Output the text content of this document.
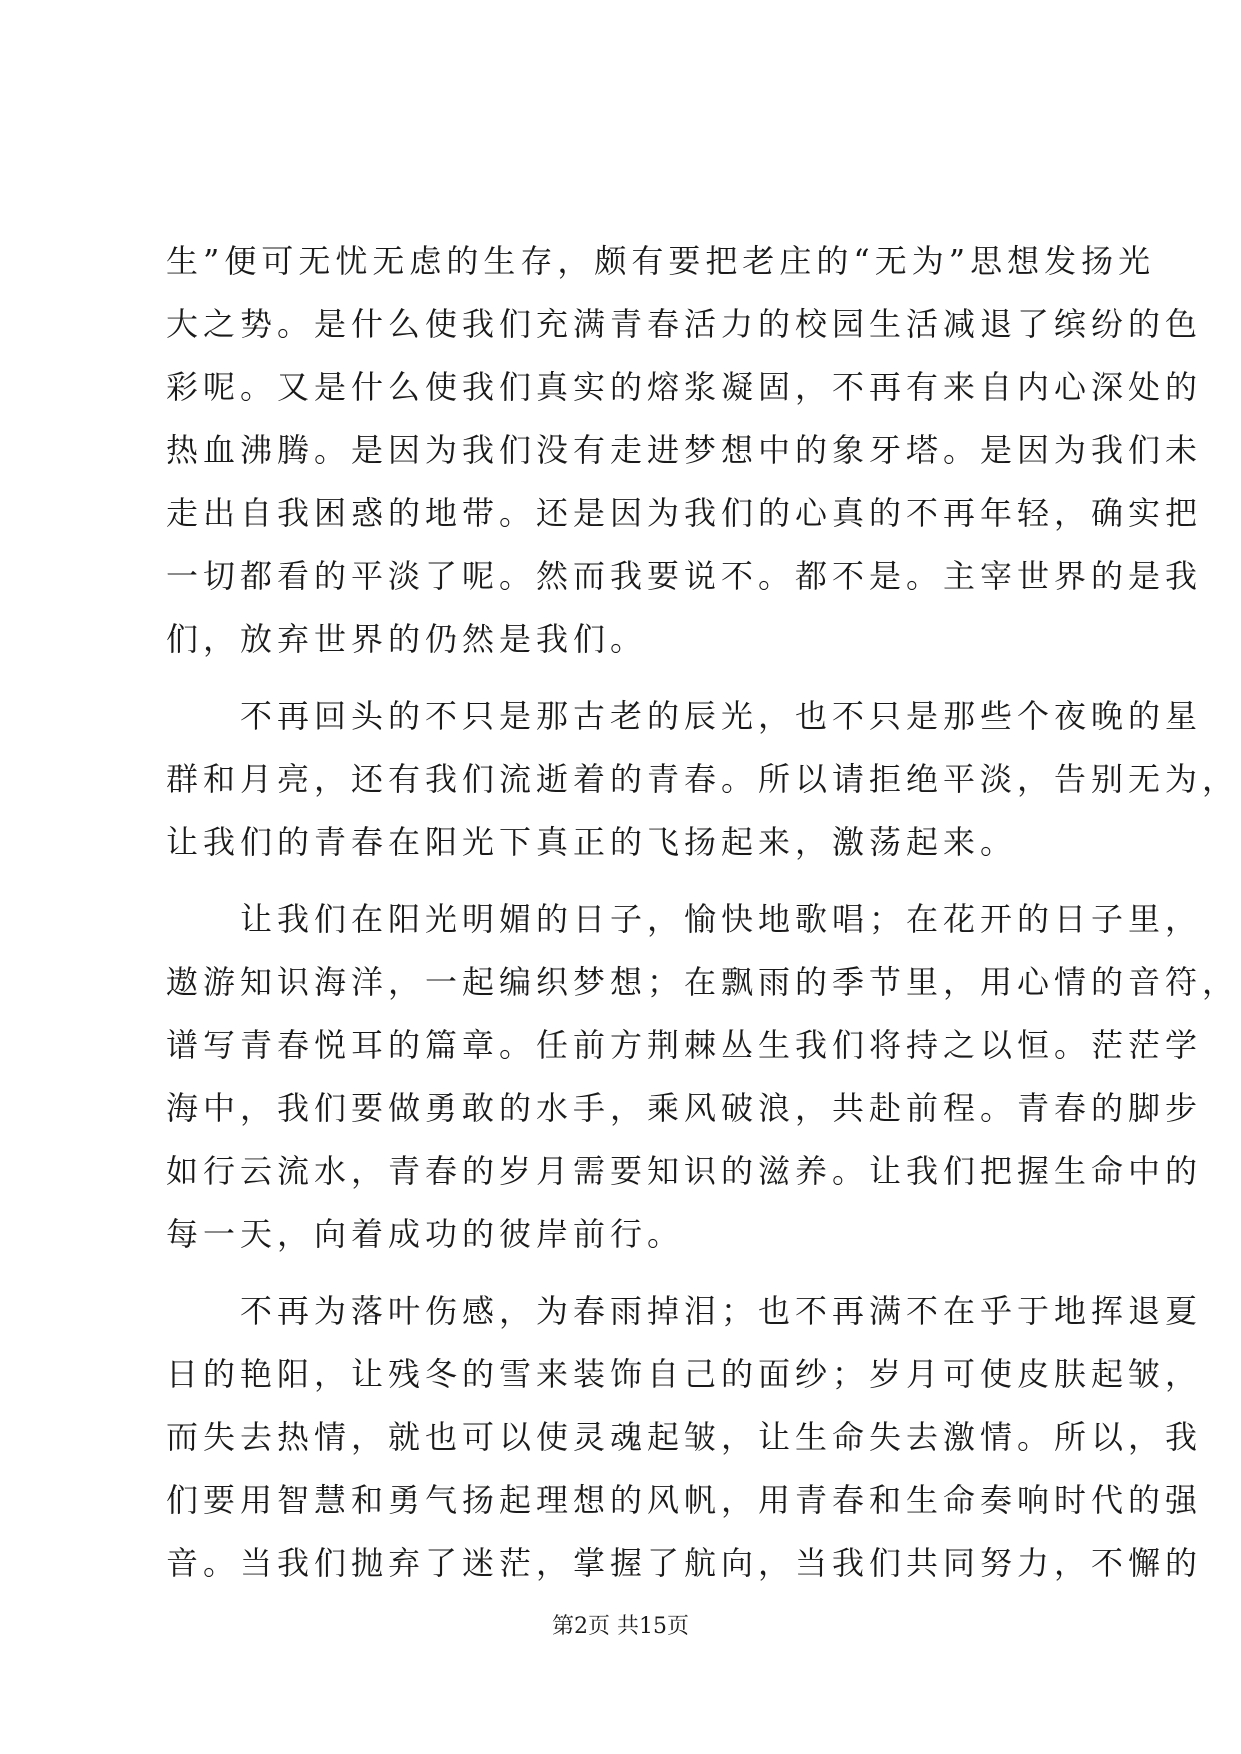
生”便可无忧无虑的生存，颇有要把老庄的“无为”思想发扬光
大之势。是什么使我们充满青春活力的校园生活减退了缤纷的色
彩呢。又是什么使我们真实的熔浆凝固，不再有来自内心深处的
热血沸腾。是因为我们没有走进梦想中的象牙塔。是因为我们未
走出自我困惑的地带。还是因为我们的心真的不再年轻，确实把
一切都看的平淡了呢。然而我要说不。都不是。主宰世界的是我
们，放弃世界的仍然是我们。
　　不再回头的不只是那古老的辰光，也不只是那些个夜晚的星
群和月亮，还有我们流逝着的青春。所以请拒绝平淡，告别无为，
让我们的青春在阳光下真正的飞扬起来，激荡起来。
　　让我们在阳光明媚的日子，愉快地歌唱；在花开的日子里，
遨游知识海洋，一起编织梦想；在飘雨的季节里，用心情的音符，
谱写青春悦耳的篇章。任前方荆棘丛生我们将持之以恒。茫茫学
海中，我们要做勇敢的水手，乘风破浪，共赴前程。青春的脚步
如行云流水，青春的岁月需要知识的滋养。让我们把握生命中的
每一天，向着成功的彼岸前行。
　　不再为落叶伤感，为春雨掉泪；也不再满不在乎于地挥退夏
日的艳阳，让残冬的雪来装饰自己的面纱；岁月可使皮肤起皱，
而失去热情，就也可以使灵魂起皱，让生命失去激情。所以，我
们要用智慧和勇气扬起理想的风帆，用青春和生命奏响时代的强
音。当我们抛弃了迷茫，掌握了航向，当我们共同努力，不懈的
第2页 共15页
